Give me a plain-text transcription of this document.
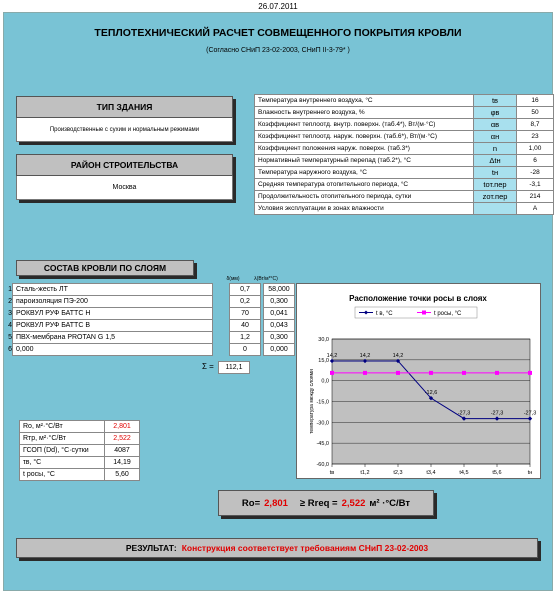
26.07.2011
ТЕПЛОТЕХНИЧЕСКИЙ РАСЧЕТ СОВМЕЩЕННОГО ПОКРЫТИЯ КРОВЛИ
(Согласно СНиП 23-02-2003, СНиП II-3-79* )
ТИП ЗДАНИЯ
Производственные с сухим и нормальным режимами
РАЙОН СТРОИТЕЛЬСТВА
Москва
Температура внутреннего воздуха, °С	tв	16
Влажность внутреннего воздуха, %	φв	50
Коэффициент теплоотд. внутр. поверхн. (таб.4*), Вт/(м·°С)	αв	8,7
Коэффициент теплоотд. наруж. поверхн. (таб.6*), Вт/(м·°С)	αн	23
Коэффициент положения наруж. поверхн. (таб.3*)	n	1,00
Нормативный температурный перепад (таб.2*), °С	Δtн	6
Температура наружного воздуха, °С	tн	-28
Средняя температура отопительного периода, °С	tот.пер	-3,1
Продолжительность отопительного периода, сутки	zот.пер	214
Условия эксплуатации в зонах влажности		А
СОСТАВ КРОВЛИ ПО СЛОЯМ
δ(мм)	λ(Вт/м*°С)
1	Сталь-жесть ЛТ		0,7		58,000
2	пароизоляция ПЭ-200		0,2		0,300
3	РОКВУЛ РУФ БАТТС Н		70		0,041
4	РОКВУЛ РУФ БАТТС В		40		0,043
5	ПВХ-мембрана PROTAN G 1,5		1,2		0,300
6	0,000		0		0,000
Σ =	112,1
Rо, м²·°С/Вт	2,801
Rтр, м²·°С/Вт	2,522
ГСОП (Dd), °С·сутки	4087
τв, °С	14,19
t росы, °С	5,60
Расположение точки росы в слоях
t в, °С	t росы, °С
30,0
15,0
0,0
-15,0
-30,0
-45,0
-60,0
tв	t1,2	t2,3	t3,4	t4,5	t5,6	tн
температура между слоями
14,2	14,2	14,2
-12,6
-27,3	-27,3	-27,3
Rо= 2,801 ≥ Rreq = 2,522 м² ·°С/Вт
РЕЗУЛЬТАТ: Конструкция соответствует требованиям СНиП 23-02-2003
